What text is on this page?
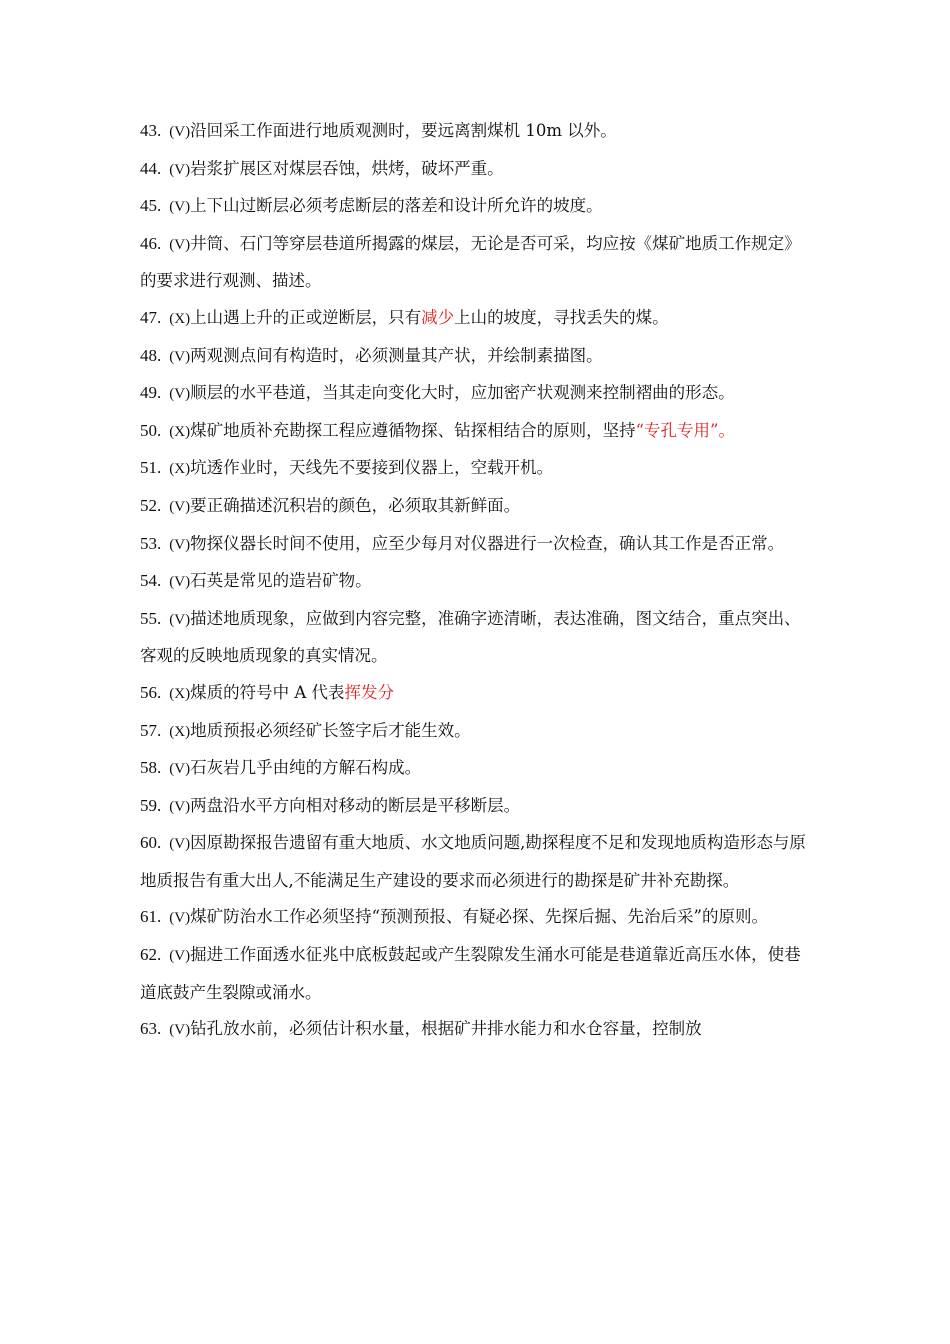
43. (V)沿回采工作面进行地质观测时，要远离割煤机 10m 以外。

44. (V)岩浆扩展区对煤层吞蚀，烘烤，破坏严重。

45. (V)上下山过断层必须考虑断层的落差和设计所允许的坡度。

46. (V)井筒、石门等穿层巷道所揭露的煤层，无论是否可采，均应按《煤矿地质工作规定》的要求进行观测、描述。

47. (X)上山遇上升的正或逆断层，只有减少上山的坡度，寻找丢失的煤。

48. (V)两观测点间有构造时，必须测量其产状，并绘制素描图。

49. (V)顺层的水平巷道，当其走向变化大时，应加密产状观测来控制褶曲的形态。

50. (X)煤矿地质补充勘探工程应遵循物探、钻探相结合的原则，坚持“专孔专用”。

51. (X)坑透作业时，天线先不要接到仪器上，空载开机。

52. (V)要正确描述沉积岩的颜色，必须取其新鲜面。

53. (V)物探仪器长时间不使用，应至少每月对仪器进行一次检查，确认其工作是否正常。

54. (V)石英是常见的造岩矿物。

55. (V)描述地质现象，应做到内容完整，准确字迹清晰，表达准确，图文结合，重点突出、客观的反映地质现象的真实情况。

56. (X)煤质的符号中 A 代表挥发分

57. (X)地质预报必须经矿长签字后才能生效。

58. (V)石灰岩几乎由纯的方解石构成。

59. (V)两盘沿水平方向相对移动的断层是平移断层。

60. (V)因原勘探报告遗留有重大地质、水文地质问题,勘探程度不足和发现地质构造形态与原地质报告有重大出人,不能满足生产建设的要求而必须进行的勘探是矿井补充勘探。

61. (V)煤矿防治水工作必须坚持“预测预报、有疑必探、先探后掘、先治后采”的原则。

62. (V)掘进工作面透水征兆中底板鼓起或产生裂隙发生涌水可能是巷道靠近高压水体，使巷道底鼓产生裂隙或涌水。

63. (V)钻孔放水前，必须估计积水量，根据矿井排水能力和水仓容量，控制放
